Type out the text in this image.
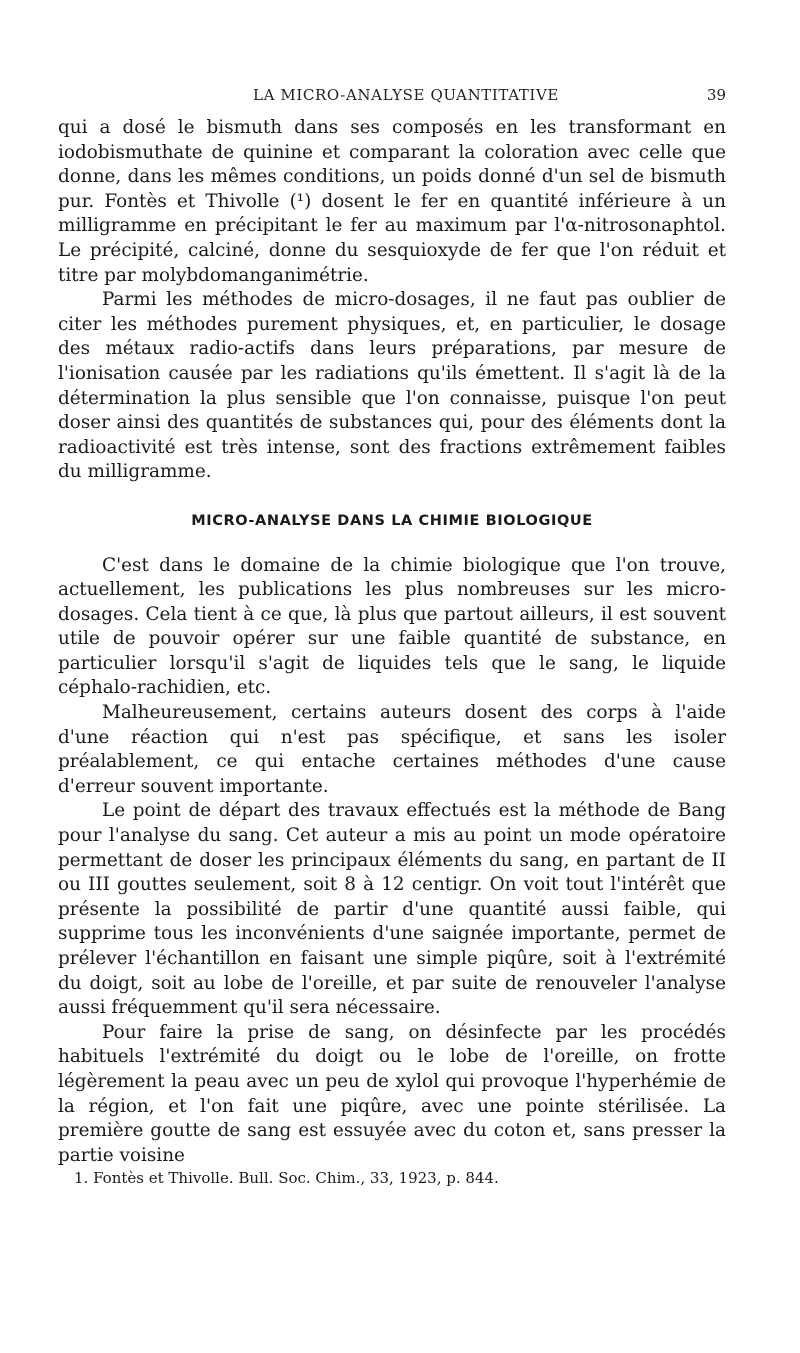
LA MICRO-ANALYSE QUANTITATIVE	39

qui a dosé le bismuth dans ses composés en les transformant en iodobismuthate de quinine et comparant la coloration avec celle que donne, dans les mêmes conditions, un poids donné d'un sel de bismuth pur. Fontès et Thivolle (¹) dosent le fer en quantité inférieure à un milligramme en précipitant le fer au maximum par l'α-nitrosonaphtol. Le précipité, calciné, donne du sesquioxyde de fer que l'on réduit et titre par molybdomanganimétrie.

Parmi les méthodes de micro-dosages, il ne faut pas oublier de citer les méthodes purement physiques, et, en particulier, le dosage des métaux radio-actifs dans leurs préparations, par mesure de l'ionisation causée par les radiations qu'ils émettent. Il s'agit là de la détermination la plus sensible que l'on connaisse, puisque l'on peut doser ainsi des quantités de substances qui, pour des éléments dont la radioactivité est très intense, sont des fractions extrêmement faibles du milligramme.

MICRO-ANALYSE DANS LA CHIMIE BIOLOGIQUE

C'est dans le domaine de la chimie biologique que l'on trouve, actuellement, les publications les plus nombreuses sur les micro-dosages. Cela tient à ce que, là plus que partout ailleurs, il est souvent utile de pouvoir opérer sur une faible quantité de substance, en particulier lorsqu'il s'agit de liquides tels que le sang, le liquide céphalo-rachidien, etc.

Malheureusement, certains auteurs dosent des corps à l'aide d'une réaction qui n'est pas spécifique, et sans les isoler préalablement, ce qui entache certaines méthodes d'une cause d'erreur souvent importante.

Le point de départ des travaux effectués est la méthode de Bang pour l'analyse du sang. Cet auteur a mis au point un mode opératoire permettant de doser les principaux éléments du sang, en partant de II ou III gouttes seulement, soit 8 à 12 centigr. On voit tout l'intérêt que présente la possibilité de partir d'une quantité aussi faible, qui supprime tous les inconvénients d'une saignée importante, permet de prélever l'échantillon en faisant une simple piqûre, soit à l'extrémité du doigt, soit au lobe de l'oreille, et par suite de renouveler l'analyse aussi fréquemment qu'il sera nécessaire.

Pour faire la prise de sang, on désinfecte par les procédés habituels l'extrémité du doigt ou le lobe de l'oreille, on frotte légèrement la peau avec un peu de xylol qui provoque l'hyperhémie de la région, et l'on fait une piqûre, avec une pointe stérilisée. La première goutte de sang est essuyée avec du coton et, sans presser la partie voisine

1. Fontès et Thivolle. Bull. Soc. Chim., 33, 1923, p. 844.
